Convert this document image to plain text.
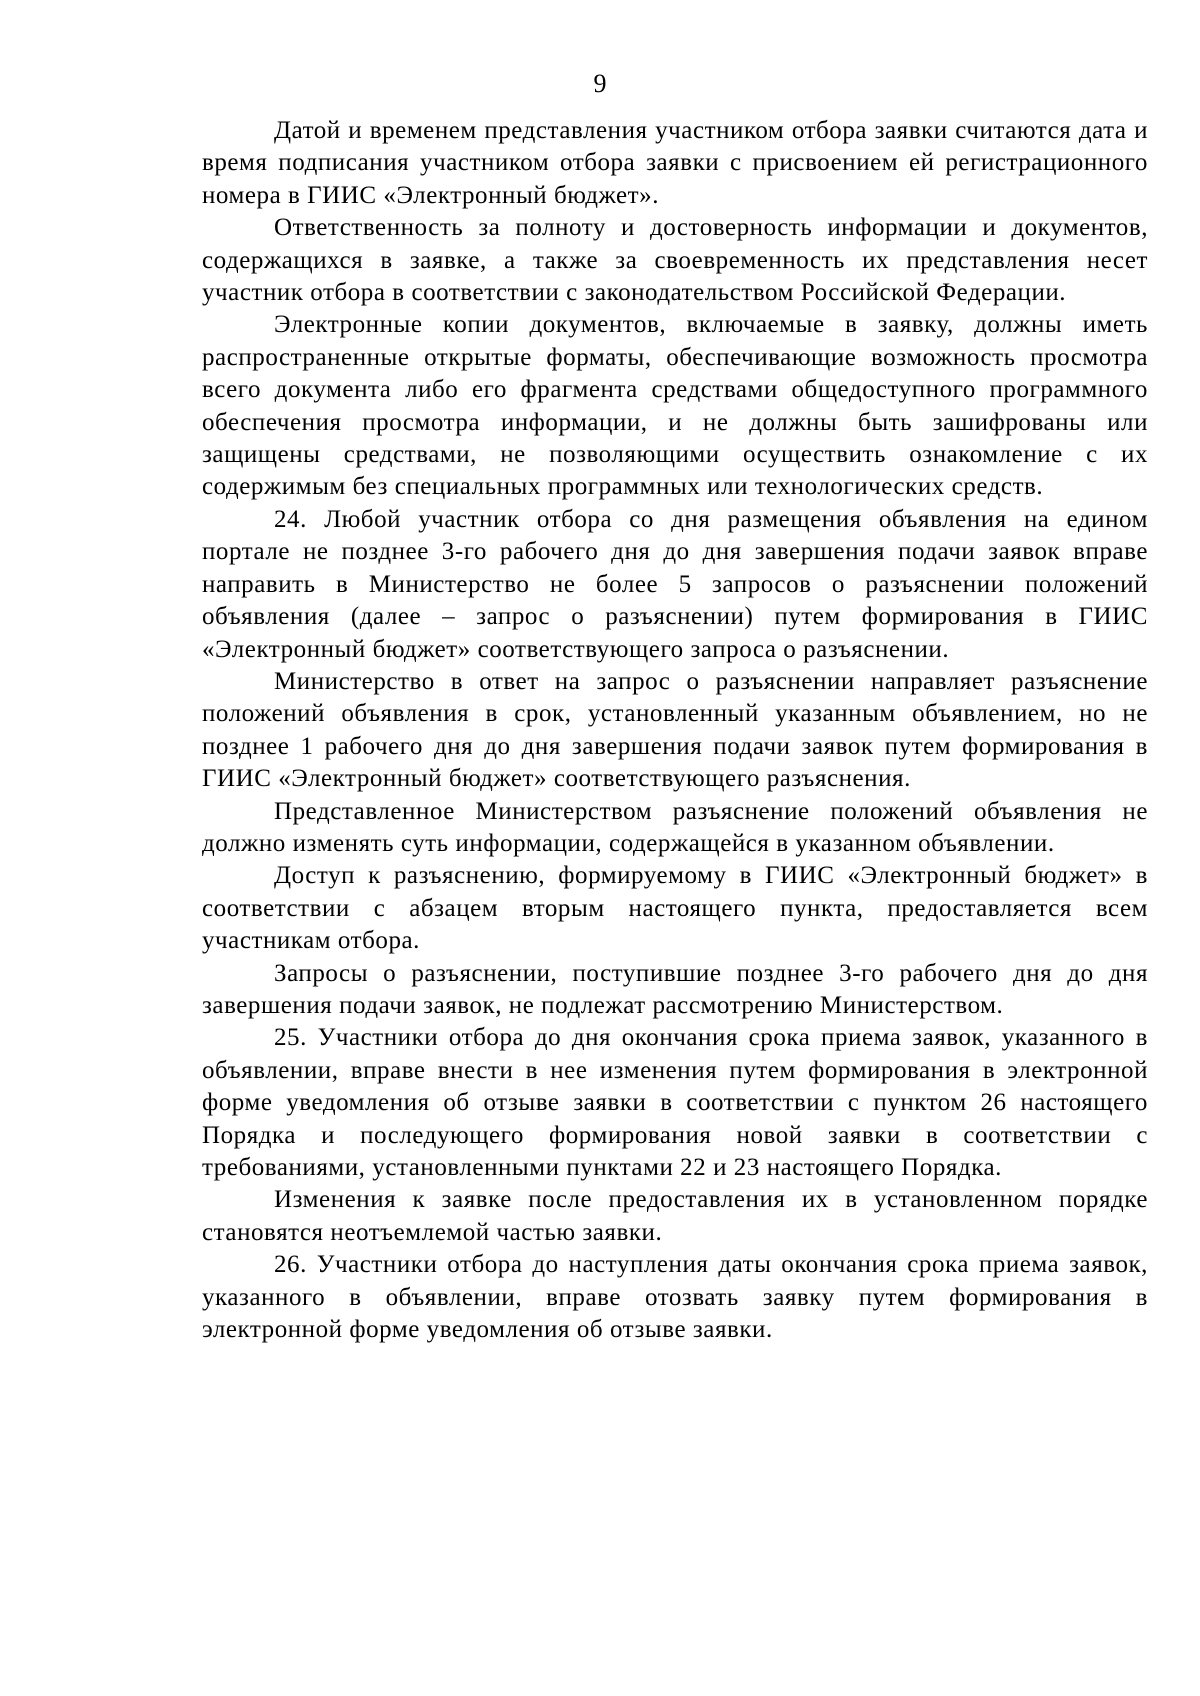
9

Датой и временем представления участником отбора заявки считаются дата и время подписания участником отбора заявки с присвоением ей регистрационного номера в ГИИС «Электронный бюджет».

Ответственность за полноту и достоверность информации и документов, содержащихся в заявке, а также за своевременность их представления несет участник отбора в соответствии с законодательством Российской Федерации.

Электронные копии документов, включаемые в заявку, должны иметь распространенные открытые форматы, обеспечивающие возможность просмотра всего документа либо его фрагмента средствами общедоступного программного обеспечения просмотра информации, и не должны быть зашифрованы или защищены средствами, не позволяющими осуществить ознакомление с их содержимым без специальных программных или технологических средств.

24. Любой участник отбора со дня размещения объявления на едином портале не позднее 3-го рабочего дня до дня завершения подачи заявок вправе направить в Министерство не более 5 запросов о разъяснении положений объявления (далее – запрос о разъяснении) путем формирования в ГИИС «Электронный бюджет» соответствующего запроса о разъяснении.

Министерство в ответ на запрос о разъяснении направляет разъяснение положений объявления в срок, установленный указанным объявлением, но не позднее 1 рабочего дня до дня завершения подачи заявок путем формирования в ГИИС «Электронный бюджет» соответствующего разъяснения.

Представленное Министерством разъяснение положений объявления не должно изменять суть информации, содержащейся в указанном объявлении.

Доступ к разъяснению, формируемому в ГИИС «Электронный бюджет» в соответствии с абзацем вторым настоящего пункта, предоставляется всем участникам отбора.

Запросы о разъяснении, поступившие позднее 3-го рабочего дня до дня завершения подачи заявок, не подлежат рассмотрению Министерством.

25. Участники отбора до дня окончания срока приема заявок, указанного в объявлении, вправе внести в нее изменения путем формирования в электронной форме уведомления об отзыве заявки в соответствии с пунктом 26 настоящего Порядка и последующего формирования новой заявки в соответствии с требованиями, установленными пунктами 22 и 23 настоящего Порядка.

Изменения к заявке после предоставления их в установленном порядке становятся неотъемлемой частью заявки.

26. Участники отбора до наступления даты окончания срока приема заявок, указанного в объявлении, вправе отозвать заявку путем формирования в электронной форме уведомления об отзыве заявки.
